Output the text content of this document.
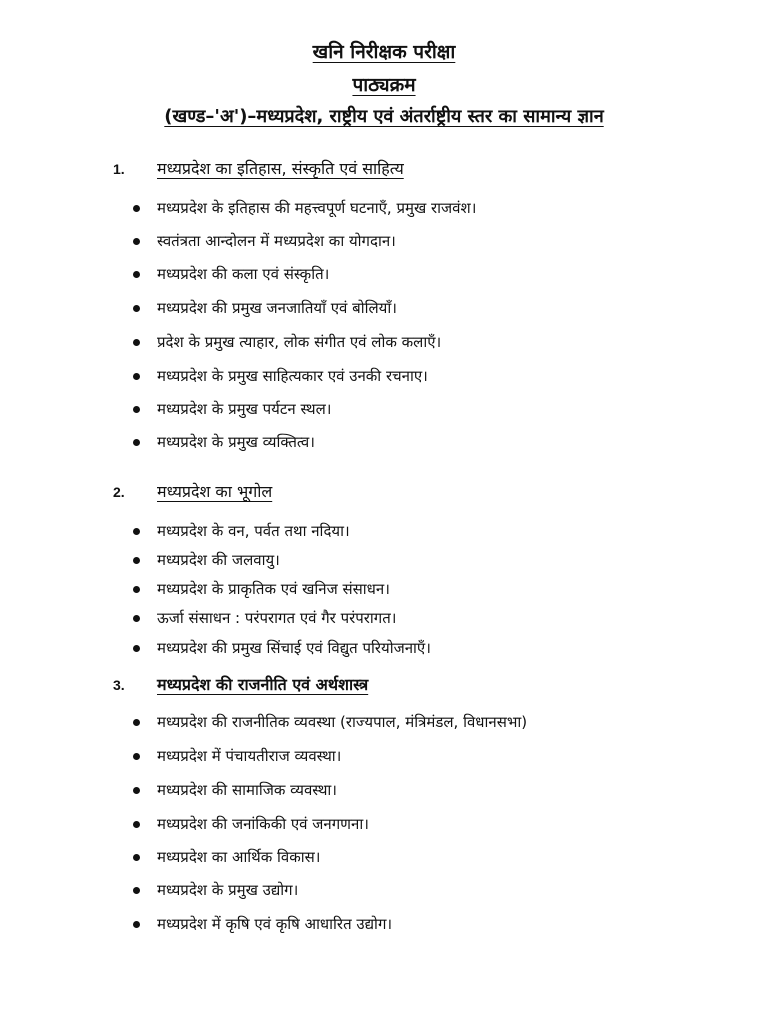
खनि निरीक्षक परीक्षा
पाठ्यक्रम
(खण्ड–'अ')–मध्यप्रदेश, राष्ट्रीय एवं अंतर्राष्ट्रीय स्तर का सामान्य ज्ञान
1. मध्यप्रदेश का इतिहास, संस्कृति एवं साहित्य
मध्यप्रदेश के इतिहास की महत्त्वपूर्ण घटनाएँ, प्रमुख राजवंश।
स्वतंत्रता आन्दोलन में मध्यप्रदेश का योगदान।
मध्यप्रदेश की कला एवं संस्कृति।
मध्यप्रदेश की प्रमुख जनजातियाँ एवं बोलियाँ।
प्रदेश के प्रमुख त्याहार, लोक संगीत एवं लोक कलाएँ।
मध्यप्रदेश के प्रमुख साहित्यकार एवं उनकी रचनाए।
मध्यप्रदेश के प्रमुख पर्यटन स्थल।
मध्यप्रदेश के प्रमुख व्यक्तित्व।
2. मध्यप्रदेश का भूगोल
मध्यप्रदेश के वन, पर्वत तथा नदिया।
मध्यप्रदेश की जलवायु।
मध्यप्रदेश के प्राकृतिक एवं खनिज संसाधन।
ऊर्जा संसाधन : परंपरागत एवं गैर परंपरागत।
मध्यप्रदेश की प्रमुख सिंचाई एवं विद्युत परियोजनाएँ।
3. मध्यप्रदेश की राजनीति एवं अर्थशास्त्र
मध्यप्रदेश की राजनीतिक व्यवस्था (राज्यपाल, मंत्रिमंडल, विधानसभा)
मध्यप्रदेश में पंचायतीराज व्यवस्था।
मध्यप्रदेश की सामाजिक व्यवस्था।
मध्यप्रदेश की जनांकिकी एवं जनगणना।
मध्यप्रदेश का आर्थिक विकास।
मध्यप्रदेश के प्रमुख उद्योग।
मध्यप्रदेश में कृषि एवं कृषि आधारित उद्योग।
